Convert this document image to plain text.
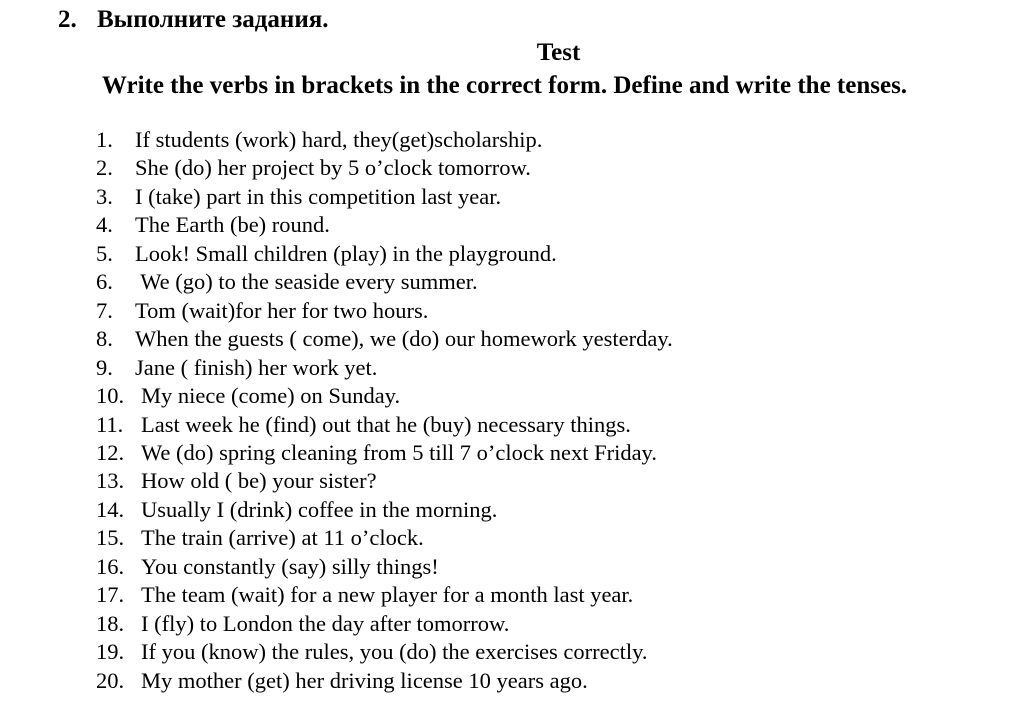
2. Выполните задания.
Test
Write the verbs in brackets in the correct form. Define and write the tenses.
1. If students (work) hard, they(get)scholarship.
2. She (do) her project by 5 o’clock tomorrow.
3. I (take) part in this competition last year.
4. The Earth (be) round.
5. Look! Small children (play) in the playground.
6. We (go) to the seaside every summer.
7. Tom (wait)for her for two hours.
8. When the guests ( come), we (do) our homework yesterday.
9. Jane ( finish) her work yet.
10. My niece (come) on Sunday.
11. Last week he (find) out that he (buy) necessary things.
12. We (do) spring cleaning from 5 till 7 o’clock next Friday.
13. How old ( be) your sister?
14. Usually I (drink) coffee in the morning.
15. The train (arrive) at 11 o’clock.
16. You constantly (say) silly things!
17. The team (wait) for a new player for a month last year.
18. I (fly) to London the day after tomorrow.
19. If you (know) the rules, you (do) the exercises correctly.
20. My mother (get) her driving license 10 years ago.
